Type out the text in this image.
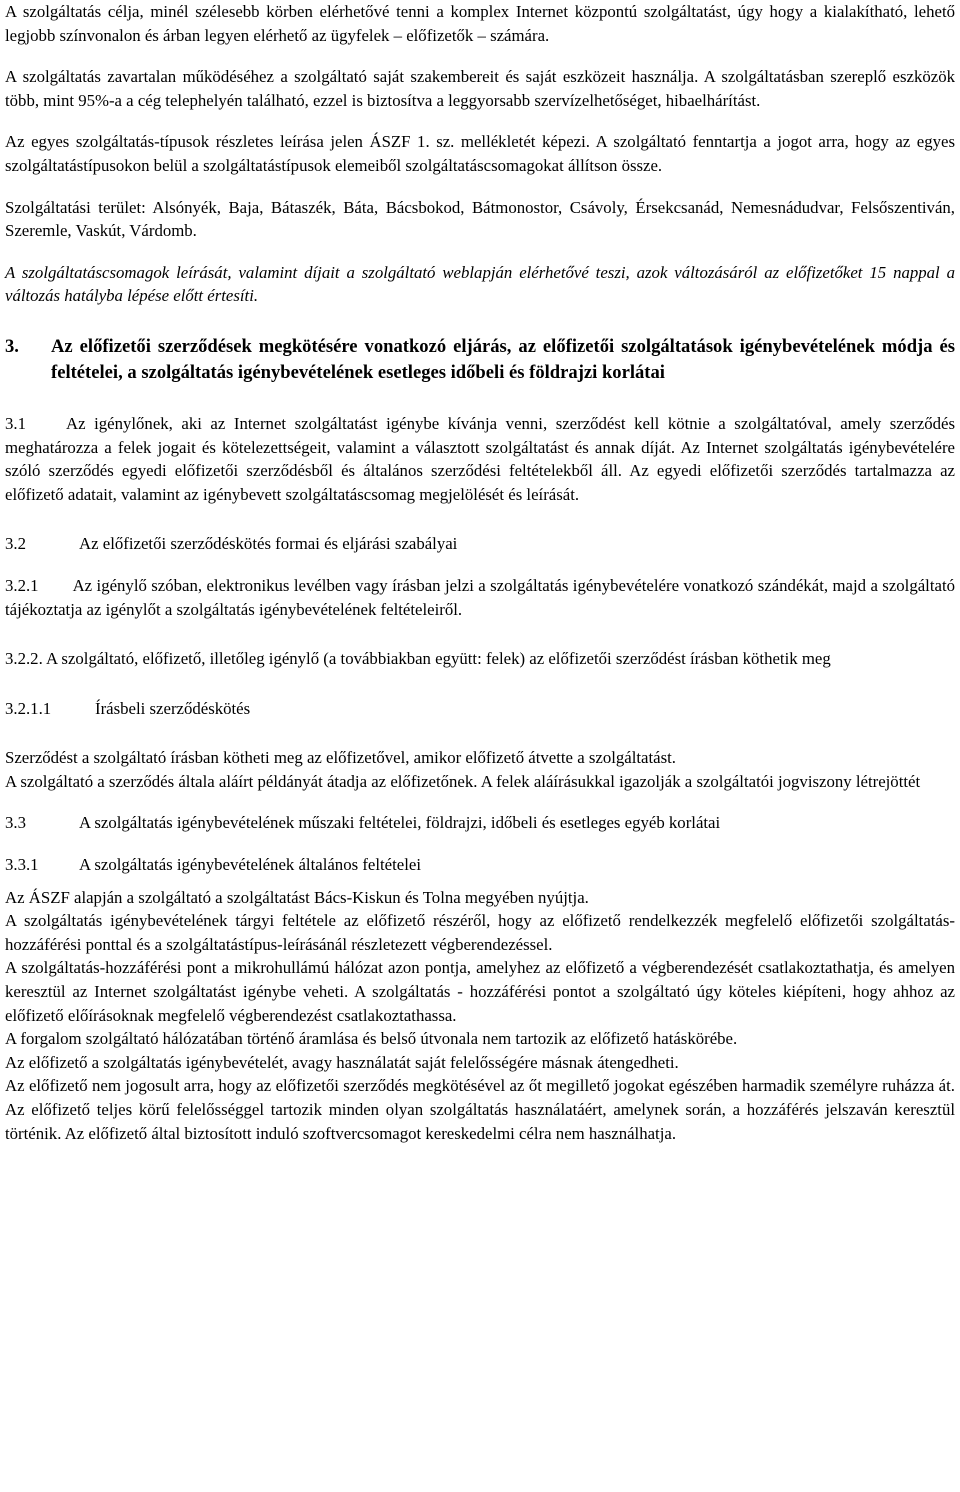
A szolgáltatás célja, minél szélesebb körben elérhetővé tenni a komplex Internet központú szolgáltatást, úgy hogy a kialakítható, lehető legjobb színvonalon és árban legyen elérhető az ügyfelek – előfizetők – számára.

A szolgáltatás zavartalan működéséhez a szolgáltató saját szakembereit és saját eszközeit használja. A szolgáltatásban szereplő eszközök több, mint 95%-a a cég telephelyén található, ezzel is biztosítva a leggyorsabb szervízelhetőséget, hibaelhárítást.

Az egyes szolgáltatás-típusok részletes leírása jelen ÁSZF 1. sz. mellékletét képezi. A szolgáltató fenntartja a jogot arra, hogy az egyes szolgáltatástípusokon belül a szolgáltatástípusok elemeiből szolgáltatáscsomagokat állítson össze.

Szolgáltatási terület: Alsónyék, Baja, Bátaszék, Báta, Bácsbokod, Bátmonostor, Csávoly, Érsekcsanád, Nemesnádudvar, Felsőszentiván, Szeremle, Vaskút, Várdomb.

A szolgáltatáscsomagok leírását, valamint díjait a szolgáltató weblapján elérhetővé teszi, azok változásáról az előfizetőket 15 nappal a változás hatályba lépése előtt értesíti.

3.	Az előfizetői szerződések megkötésére vonatkozó eljárás, az előfizetői szolgáltatások igénybevételének módja és feltételei, a szolgáltatás igénybevételének esetleges időbeli és földrajzi korlátai

3.1 Az igénylőnek, aki az Internet szolgáltatást igénybe kívánja venni, szerződést kell kötnie a szolgáltatóval, amely szerződés meghatározza a felek jogait és kötelezettségeit, valamint a választott szolgáltatást és annak díját. Az Internet szolgáltatás igénybevételére szóló szerződés egyedi előfizetői szerződésből és általános szerződési feltételekből áll. Az egyedi előfizetői szerződés tartalmazza az előfizető adatait, valamint az igénybevett szolgáltatáscsomag megjelölését és leírását.

3.2	Az előfizetői szerződéskötés formai és eljárási szabályai

3.2.1 Az igénylő szóban, elektronikus levélben vagy írásban jelzi a szolgáltatás igénybevételére vonatkozó szándékát, majd a szolgáltató tájékoztatja az igénylőt a szolgáltatás igénybevételének feltételeiről.

3.2.2. A szolgáltató, előfizető, illetőleg igénylő (a továbbiakban együtt: felek) az előfizetői szerződést írásban köthetik meg

3.2.1.1	Írásbeli szerződéskötés

Szerződést a szolgáltató írásban kötheti meg az előfizetővel, amikor előfizető átvette a szolgáltatást.

A szolgáltató a szerződés általa aláírt példányát átadja az előfizetőnek. A felek aláírásukkal igazolják a szolgáltatói jogviszony létrejöttét

3.3	A szolgáltatás igénybevételének műszaki feltételei, földrajzi, időbeli és esetleges egyéb korlátai
3.3.1	A szolgáltatás igénybevételének általános feltételei

Az ÁSZF alapján a szolgáltató a szolgáltatást Bács-Kiskun és Tolna megyében nyújtja.

A szolgáltatás igénybevételének tárgyi feltétele az előfizető részéről, hogy az előfizető rendelkezzék megfelelő előfizetői szolgáltatás-hozzáférési ponttal és a szolgáltatástípus-leírásánál részletezett végberendezéssel.

A szolgáltatás-hozzáférési pont a mikrohullámú hálózat azon pontja, amelyhez az előfizető a végberendezését csatlakoztathatja, és amelyen keresztül az Internet szolgáltatást igénybe veheti. A szolgáltatás - hozzáférési pontot a szolgáltató úgy köteles kiépíteni, hogy ahhoz az előfizető előírásoknak megfelelő végberendezést csatlakoztathassa.

A forgalom szolgáltató hálózatában történő áramlása és belső útvonala nem tartozik az előfizető hatáskörébe.

Az előfizető a szolgáltatás igénybevételét, avagy használatát saját felelősségére másnak átengedheti.

Az előfizető nem jogosult arra, hogy az előfizetői szerződés megkötésével az őt megillető jogokat egészében harmadik személyre ruházza át. Az előfizető teljes körű felelősséggel tartozik minden olyan szolgáltatás használatáért, amelynek során, a hozzáférés jelszaván keresztül történik. Az előfizető által biztosított induló szoftvercsomagot kereskedelmi célra nem használhatja.
